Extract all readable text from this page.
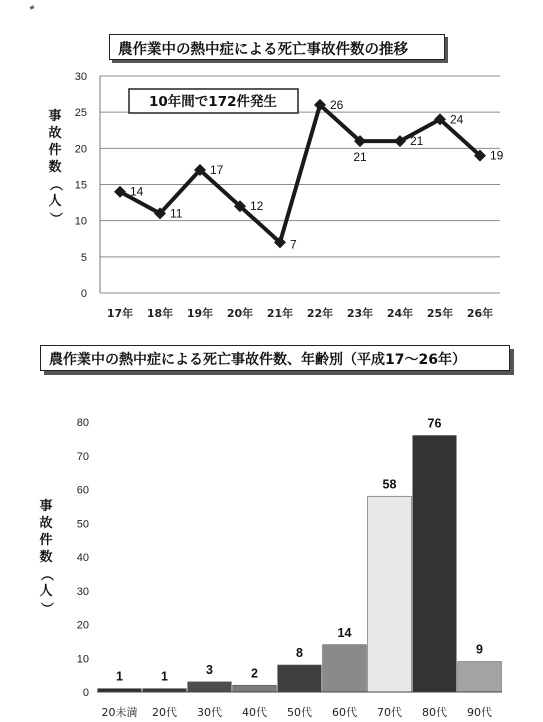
農作業中の熱中症による死亡事故件数の推移
事
故
件
数
（
人
）
農作業中の熱中症による死亡事故件数、年齢別（平成17～26年）
事
故
件
数
（
人
）
0
5
10
15
20
25
30
17年 18年 19年 20年 21年 22年 23年 24年 25年 26年
14
11
17
12
7
26
21
21
24
19
10年間で172件発生
0
10
20
30
40
50
60
70
80
1	1	3	2
8
14
58
76
9
20未満 20代 30代 40代 50代 60代 70代 80代 90代
